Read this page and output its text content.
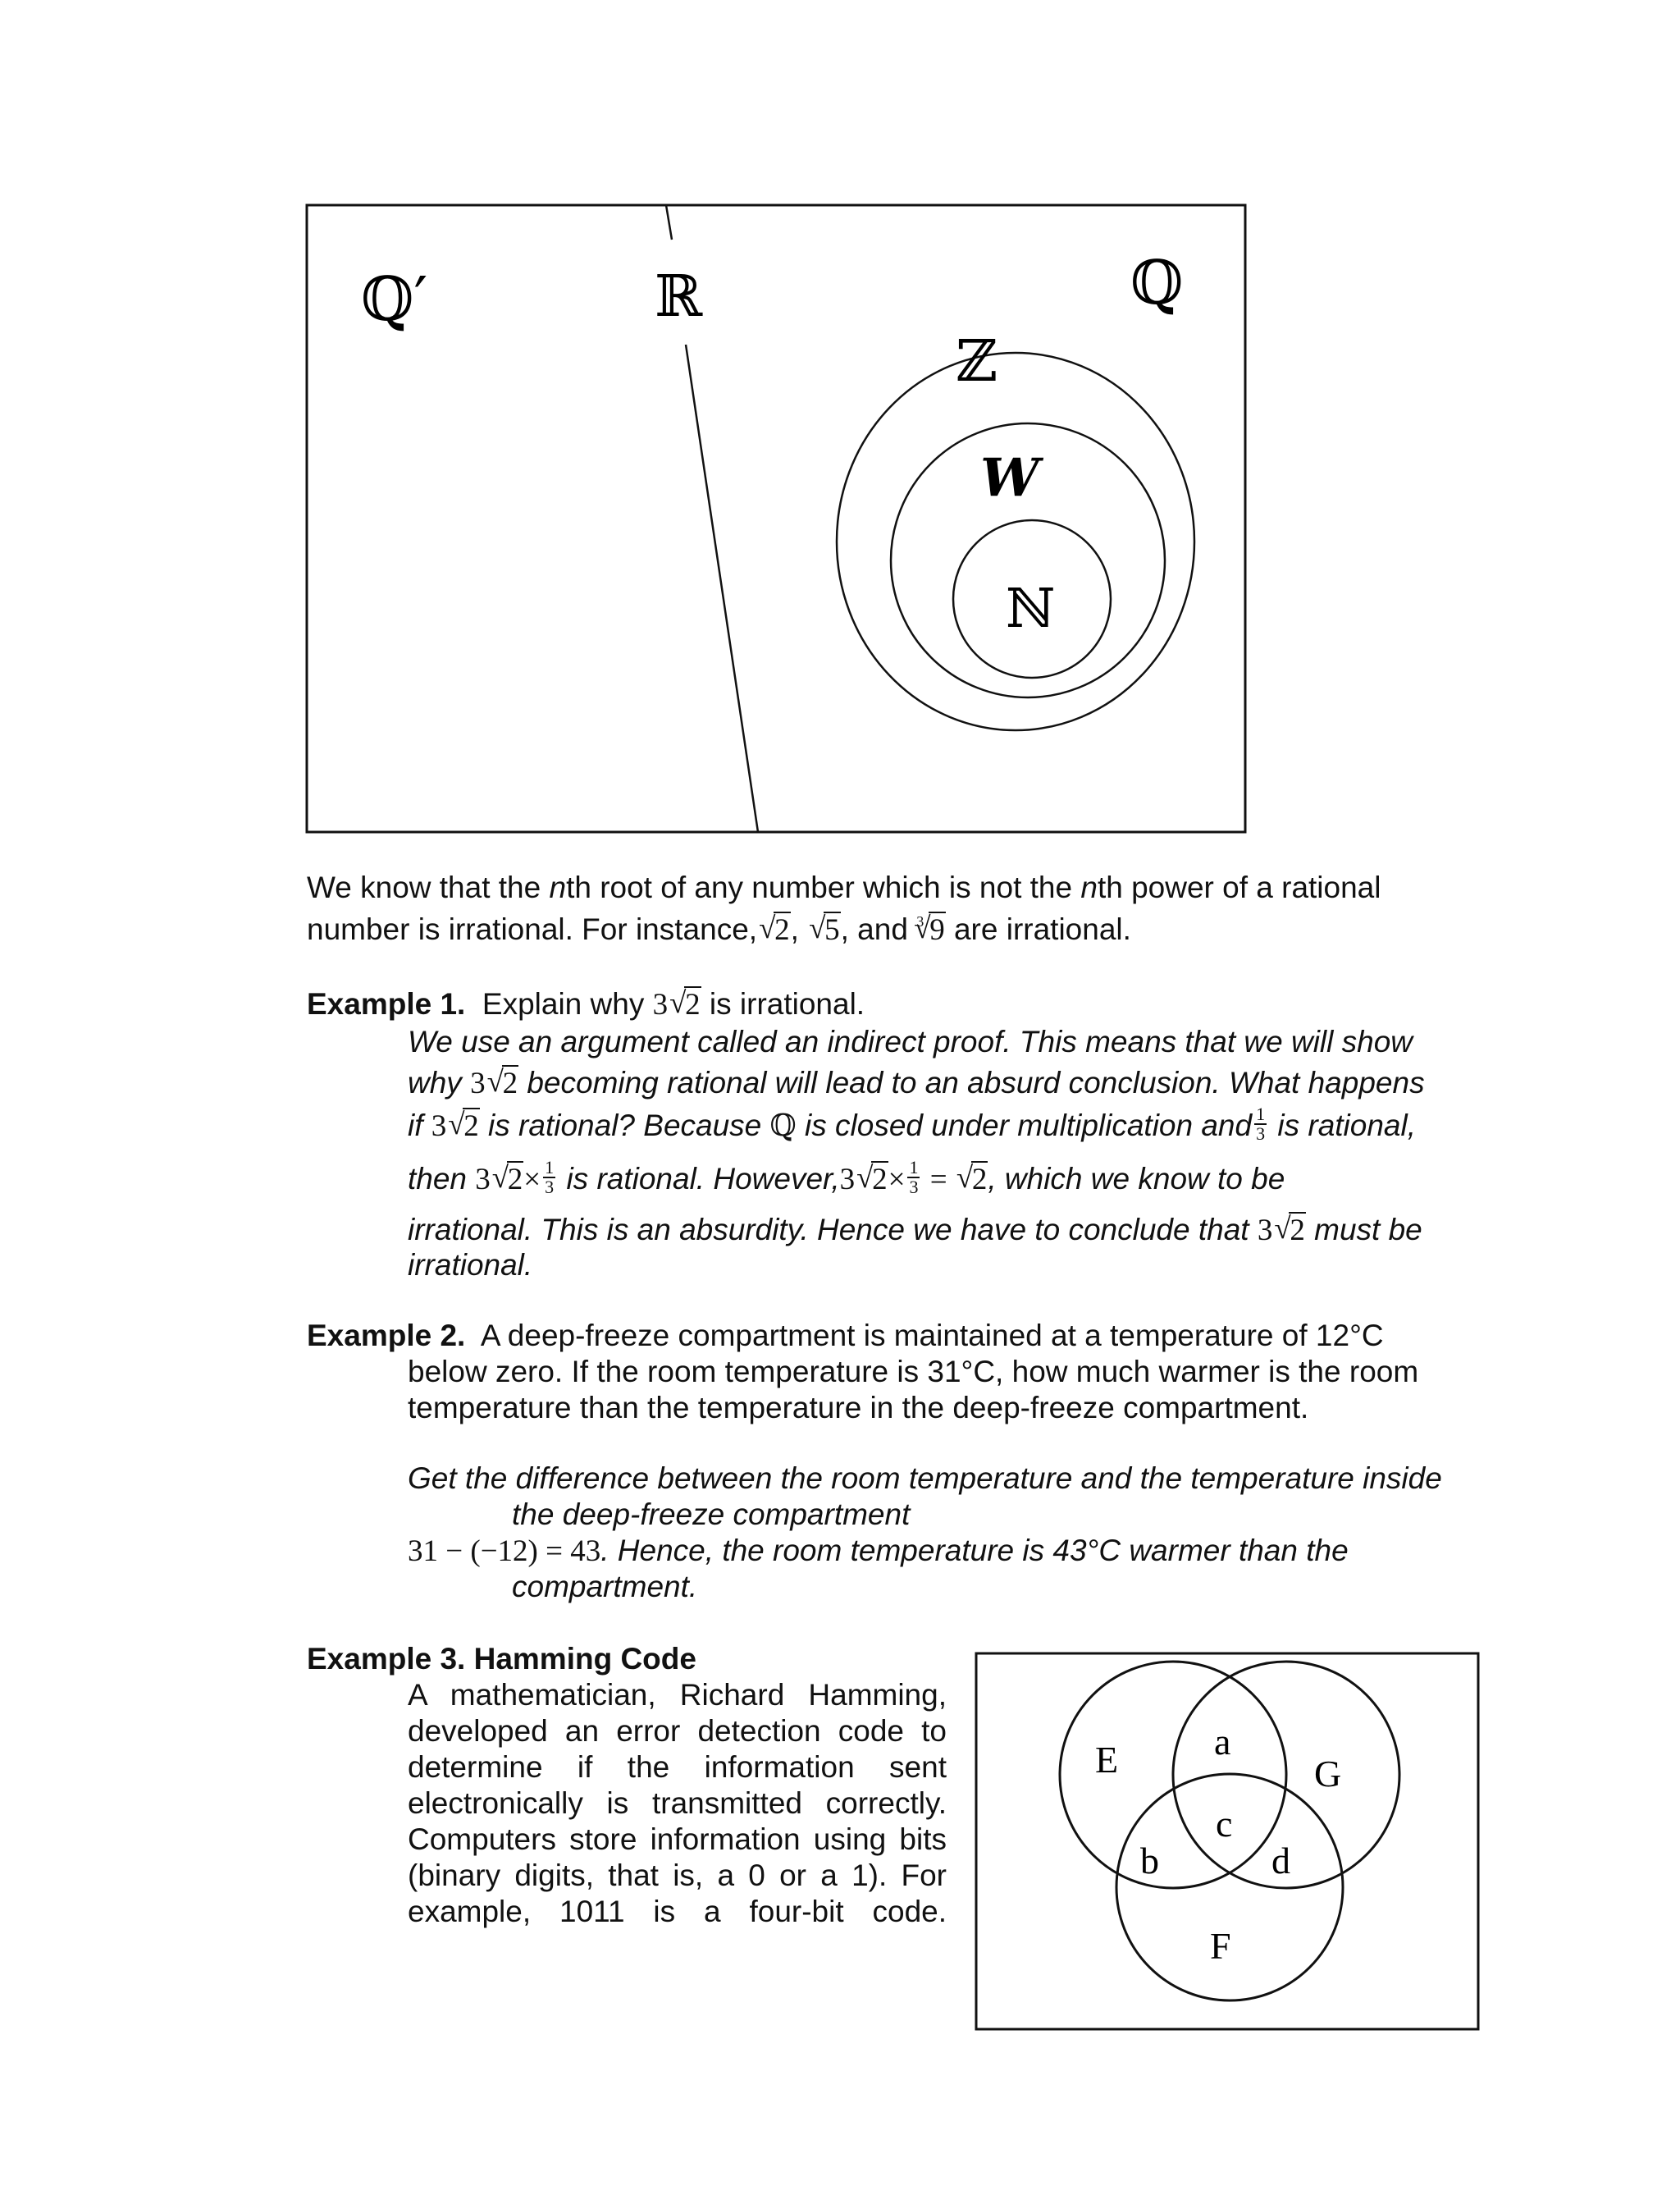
ℚ′	ℝ	ℚ
ℤ
W
ℕ
We know that the nth root of any number which is not the nth power of a rational
number is irrational. For instance, √ 2, √ 5, and $^3$ √ 9 are irrational.
Example 1. Explain why 3 √ 2 is irrational.
We use an argument called an indirect proof. This means that we will show
why 3 √ 2 becoming rational will lead to an absurd conclusion. What happens
if 3 √ 2 is rational? Because ℚ is closed under multiplication and $\frac{1}{3}$ is rational,
then 3 √ $2\times \frac{1}{3}$ is rational. However,3 √ $2\times \frac{1}{3}$ = √ 2, which we know to be
irrational. This is an absurdity. Hence we have to conclude that 3 √ 2 must be
irrational.
Example 2. A deep-freeze compartment is maintained at a temperature of 12°C
below zero. If the room temperature is 31°C, how much warmer is the room
temperature than the temperature in the deep-freeze compartment.
Get the difference between the room temperature and the temperature inside
the deep-freeze compartment
31 − (−12) = 43. Hence, the room temperature is 43°C warmer than the
compartment.
Example 3. Hamming Code
A mathematician, Richard Hamming,
developed an error detection code to
determine if the information sent
electronically is transmitted correctly.
Computers store information using bits
(binary digits, that is, a 0 or a 1). For
example, 1011 is a four-bit code.
E	a
G
c
b	d
F
